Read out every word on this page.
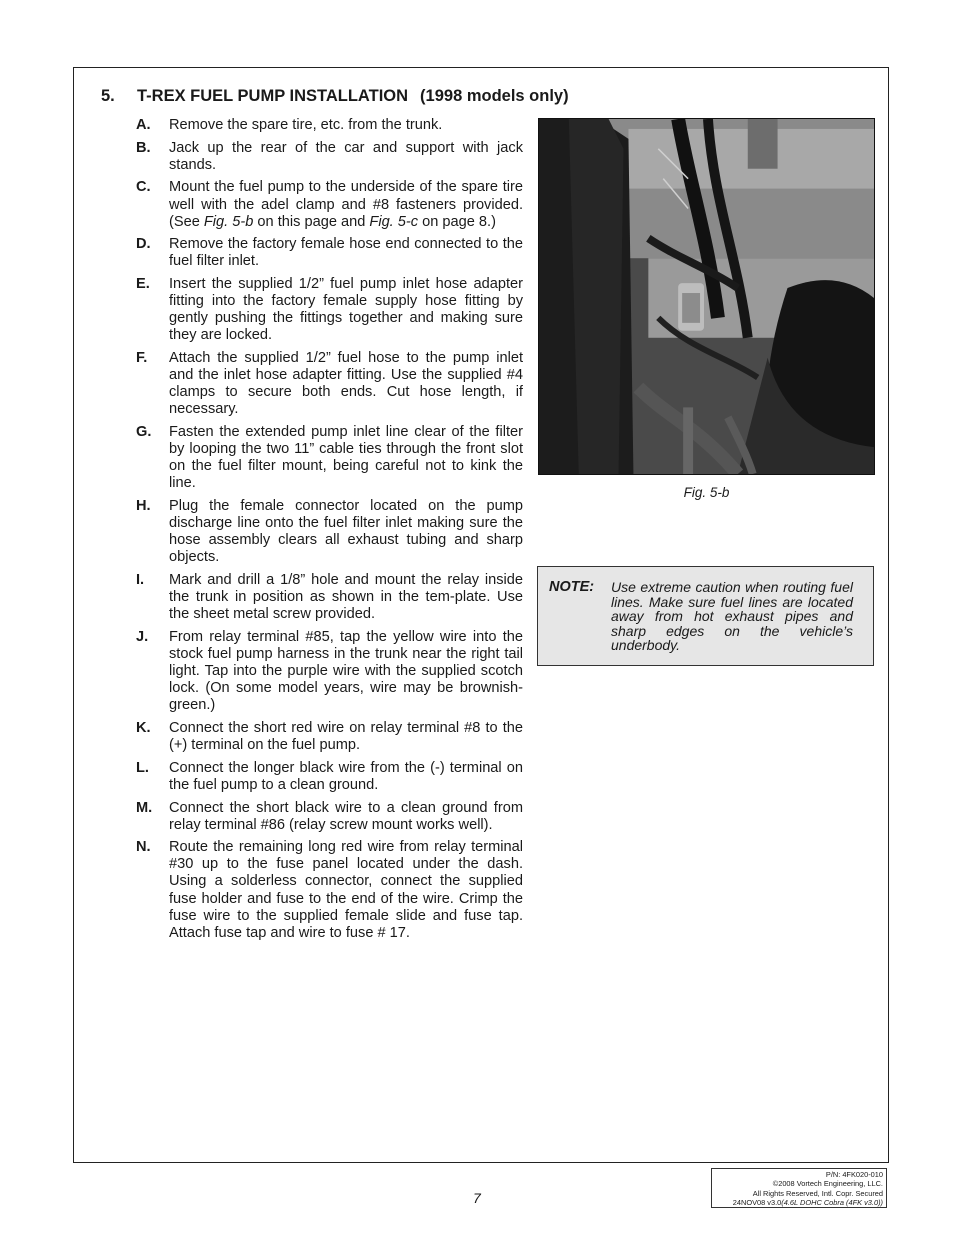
5. T-REX FUEL PUMP INSTALLATION (1998 models only)
A. Remove the spare tire, etc. from the trunk.
B. Jack up the rear of the car and support with jack stands.
C. Mount the fuel pump to the underside of the spare tire well with the adel clamp and #8 fasteners provided. (See Fig. 5-b on this page and Fig. 5-c on page 8.)
D. Remove the factory female hose end connected to the fuel filter inlet.
E. Insert the supplied 1/2” fuel pump inlet hose adapter fitting into the factory female supply hose fitting by gently pushing the fittings together and making sure they are locked.
F. Attach the supplied 1/2” fuel hose to the pump inlet and the inlet hose adapter fitting. Use the supplied #4 clamps to secure both ends. Cut hose length, if necessary.
G. Fasten the extended pump inlet line clear of the filter by looping the two 11” cable ties through the front slot on the fuel filter mount, being careful not to kink the line.
H. Plug the female connector located on the pump discharge line onto the fuel filter inlet making sure the hose assembly clears all exhaust tubing and sharp objects.
I. Mark and drill a 1/8” hole and mount the relay inside the trunk in position as shown in the tem-plate. Use the sheet metal screw provided.
J. From relay terminal #85, tap the yellow wire into the stock fuel pump harness in the trunk near the right tail light. Tap into the purple wire with the supplied scotch lock. (On some model years, wire may be brownish-green.)
K. Connect the short red wire on relay terminal #8 to the (+) terminal on the fuel pump.
L. Connect the longer black wire from the (-) terminal on the fuel pump to a clean ground.
M. Connect the short black wire to a clean ground from relay terminal #86 (relay screw mount works well).
N. Route the remaining long red wire from relay terminal #30 up to the fuse panel located under the dash. Using a solderless connector, connect the supplied fuse holder and fuse to the end of the wire. Crimp the fuse wire to the supplied female slide and fuse tap. Attach fuse tap and wire to fuse # 17.
Fig. 5-b
NOTE: Use extreme caution when routing fuel lines. Make sure fuel lines are located away from hot exhaust pipes and sharp edges on the vehicle’s underbody.
7
P/N: 4FK020-010
©2008 Vortech Engineering, LLC.
All Rights Reserved, Intl. Copr. Secured
24NOV08 v3.0(4.6L DOHC Cobra (4FK v3.0))
